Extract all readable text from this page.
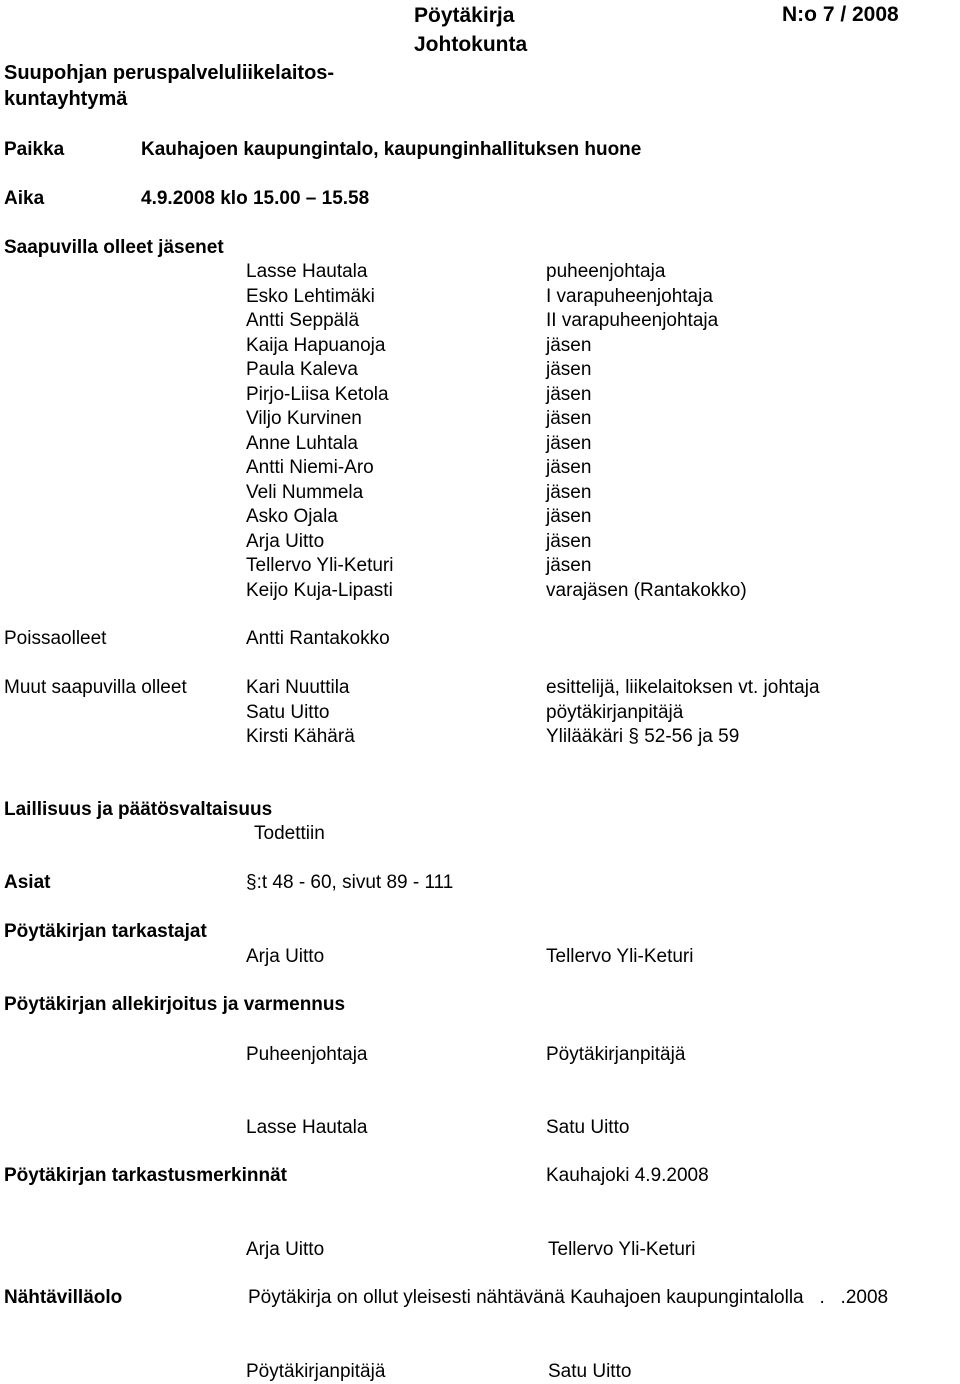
Pöytäkirja
Johtokunta
N:o 7 / 2008
Suupohjan peruspalveluliikelaitos-kuntayhtymä
Paikka	Kauhajoen kaupungintalo, kaupunginhallituksen huone
Aika	4.9.2008 klo 15.00 – 15.58
Saapuvilla olleet jäsenet
Lasse Hautala	puheenjohtaja
Esko Lehtimäki	I varapuheenjohtaja
Antti Seppälä	II varapuheenjohtaja
Kaija Hapuanoja	jäsen
Paula Kaleva	jäsen
Pirjo-Liisa Ketola	jäsen
Viljo Kurvinen	jäsen
Anne Luhtala	jäsen
Antti Niemi-Aro	jäsen
Veli Nummela	jäsen
Asko Ojala	jäsen
Arja Uitto	jäsen
Tellervo Yli-Keturi	jäsen
Keijo Kuja-Lipasti	varajäsen (Rantakokko)
Poissaolleet	Antti Rantakokko
Muut saapuvilla olleet	Kari Nuuttila	esittelijä, liikelaitoksen vt. johtaja
Satu Uitto	pöytäkirjanpitäjä
Kirsti Kähärä	Ylilääkäri § 52-56 ja 59
Laillisuus ja päätösvaltaisuus
Todettiin
Asiat	§:t 48 - 60, sivut 89 - 111
Pöytäkirjan tarkastajat
Arja Uitto	Tellervo Yli-Keturi
Pöytäkirjan allekirjoitus ja varmennus
Puheenjohtaja	Pöytäkirjanpitäjä
Lasse Hautala	Satu Uitto
Pöytäkirjan tarkastusmerkinnät	Kauhajoki 4.9.2008
Arja Uitto	Tellervo Yli-Keturi
Nähtävilläolo	Pöytäkirja on ollut yleisesti nähtävänä Kauhajoen kaupungintalolla   .   .2008
Pöytäkirjanpitäjä	Satu Uitto
